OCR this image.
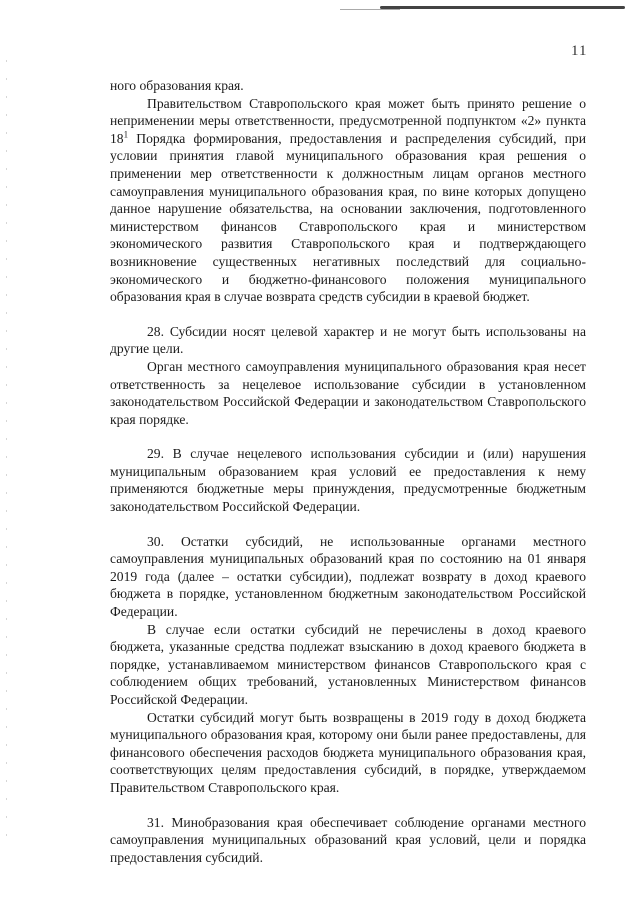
11

ного образования края.

Правительством Ставропольского края может быть принято решение о неприменении меры ответственности, предусмотренной подпунктом «2» пункта $18^1$ Порядка формирования, предоставления и распределения субсидий, при условии принятия главой муниципального образования края решения о применении мер ответственности к должностным лицам органов местного самоуправления муниципального образования края, по вине которых допущено данное нарушение обязательства, на основании заключения, подготовленного министерством финансов Ставропольского края и министерством экономического развития Ставропольского края и подтверждающего возникновение существенных негативных последствий для социально-экономического и бюджетно-финансового положения муниципального образования края в случае возврата средств субсидии в краевой бюджет.

28. Субсидии носят целевой характер и не могут быть использованы на другие цели.

Орган местного самоуправления муниципального образования края несет ответственность за нецелевое использование субсидии в установленном законодательством Российской Федерации и законодательством Ставропольского края порядке.

29. В случае нецелевого использования субсидии и (или) нарушения муниципальным образованием края условий ее предоставления к нему применяются бюджетные меры принуждения, предусмотренные бюджетным законодательством Российской Федерации.

30. Остатки субсидий, не использованные органами местного самоуправления муниципальных образований края по состоянию на 01 января 2019 года (далее – остатки субсидии), подлежат возврату в доход краевого бюджета в порядке, установленном бюджетным законодательством Российской Федерации.

В случае если остатки субсидий не перечислены в доход краевого бюджета, указанные средства подлежат взысканию в доход краевого бюджета в порядке, устанавливаемом министерством финансов Ставропольского края с соблюдением общих требований, установленных Министерством финансов Российской Федерации.

Остатки субсидий могут быть возвращены в 2019 году в доход бюджета муниципального образования края, которому они были ранее предоставлены, для финансового обеспечения расходов бюджета муниципального образования края, соответствующих целям предоставления субсидий, в порядке, утверждаемом Правительством Ставропольского края.

31. Минобразования края обеспечивает соблюдение органами местного самоуправления муниципальных образований края условий, цели и порядка предоставления субсидий.
